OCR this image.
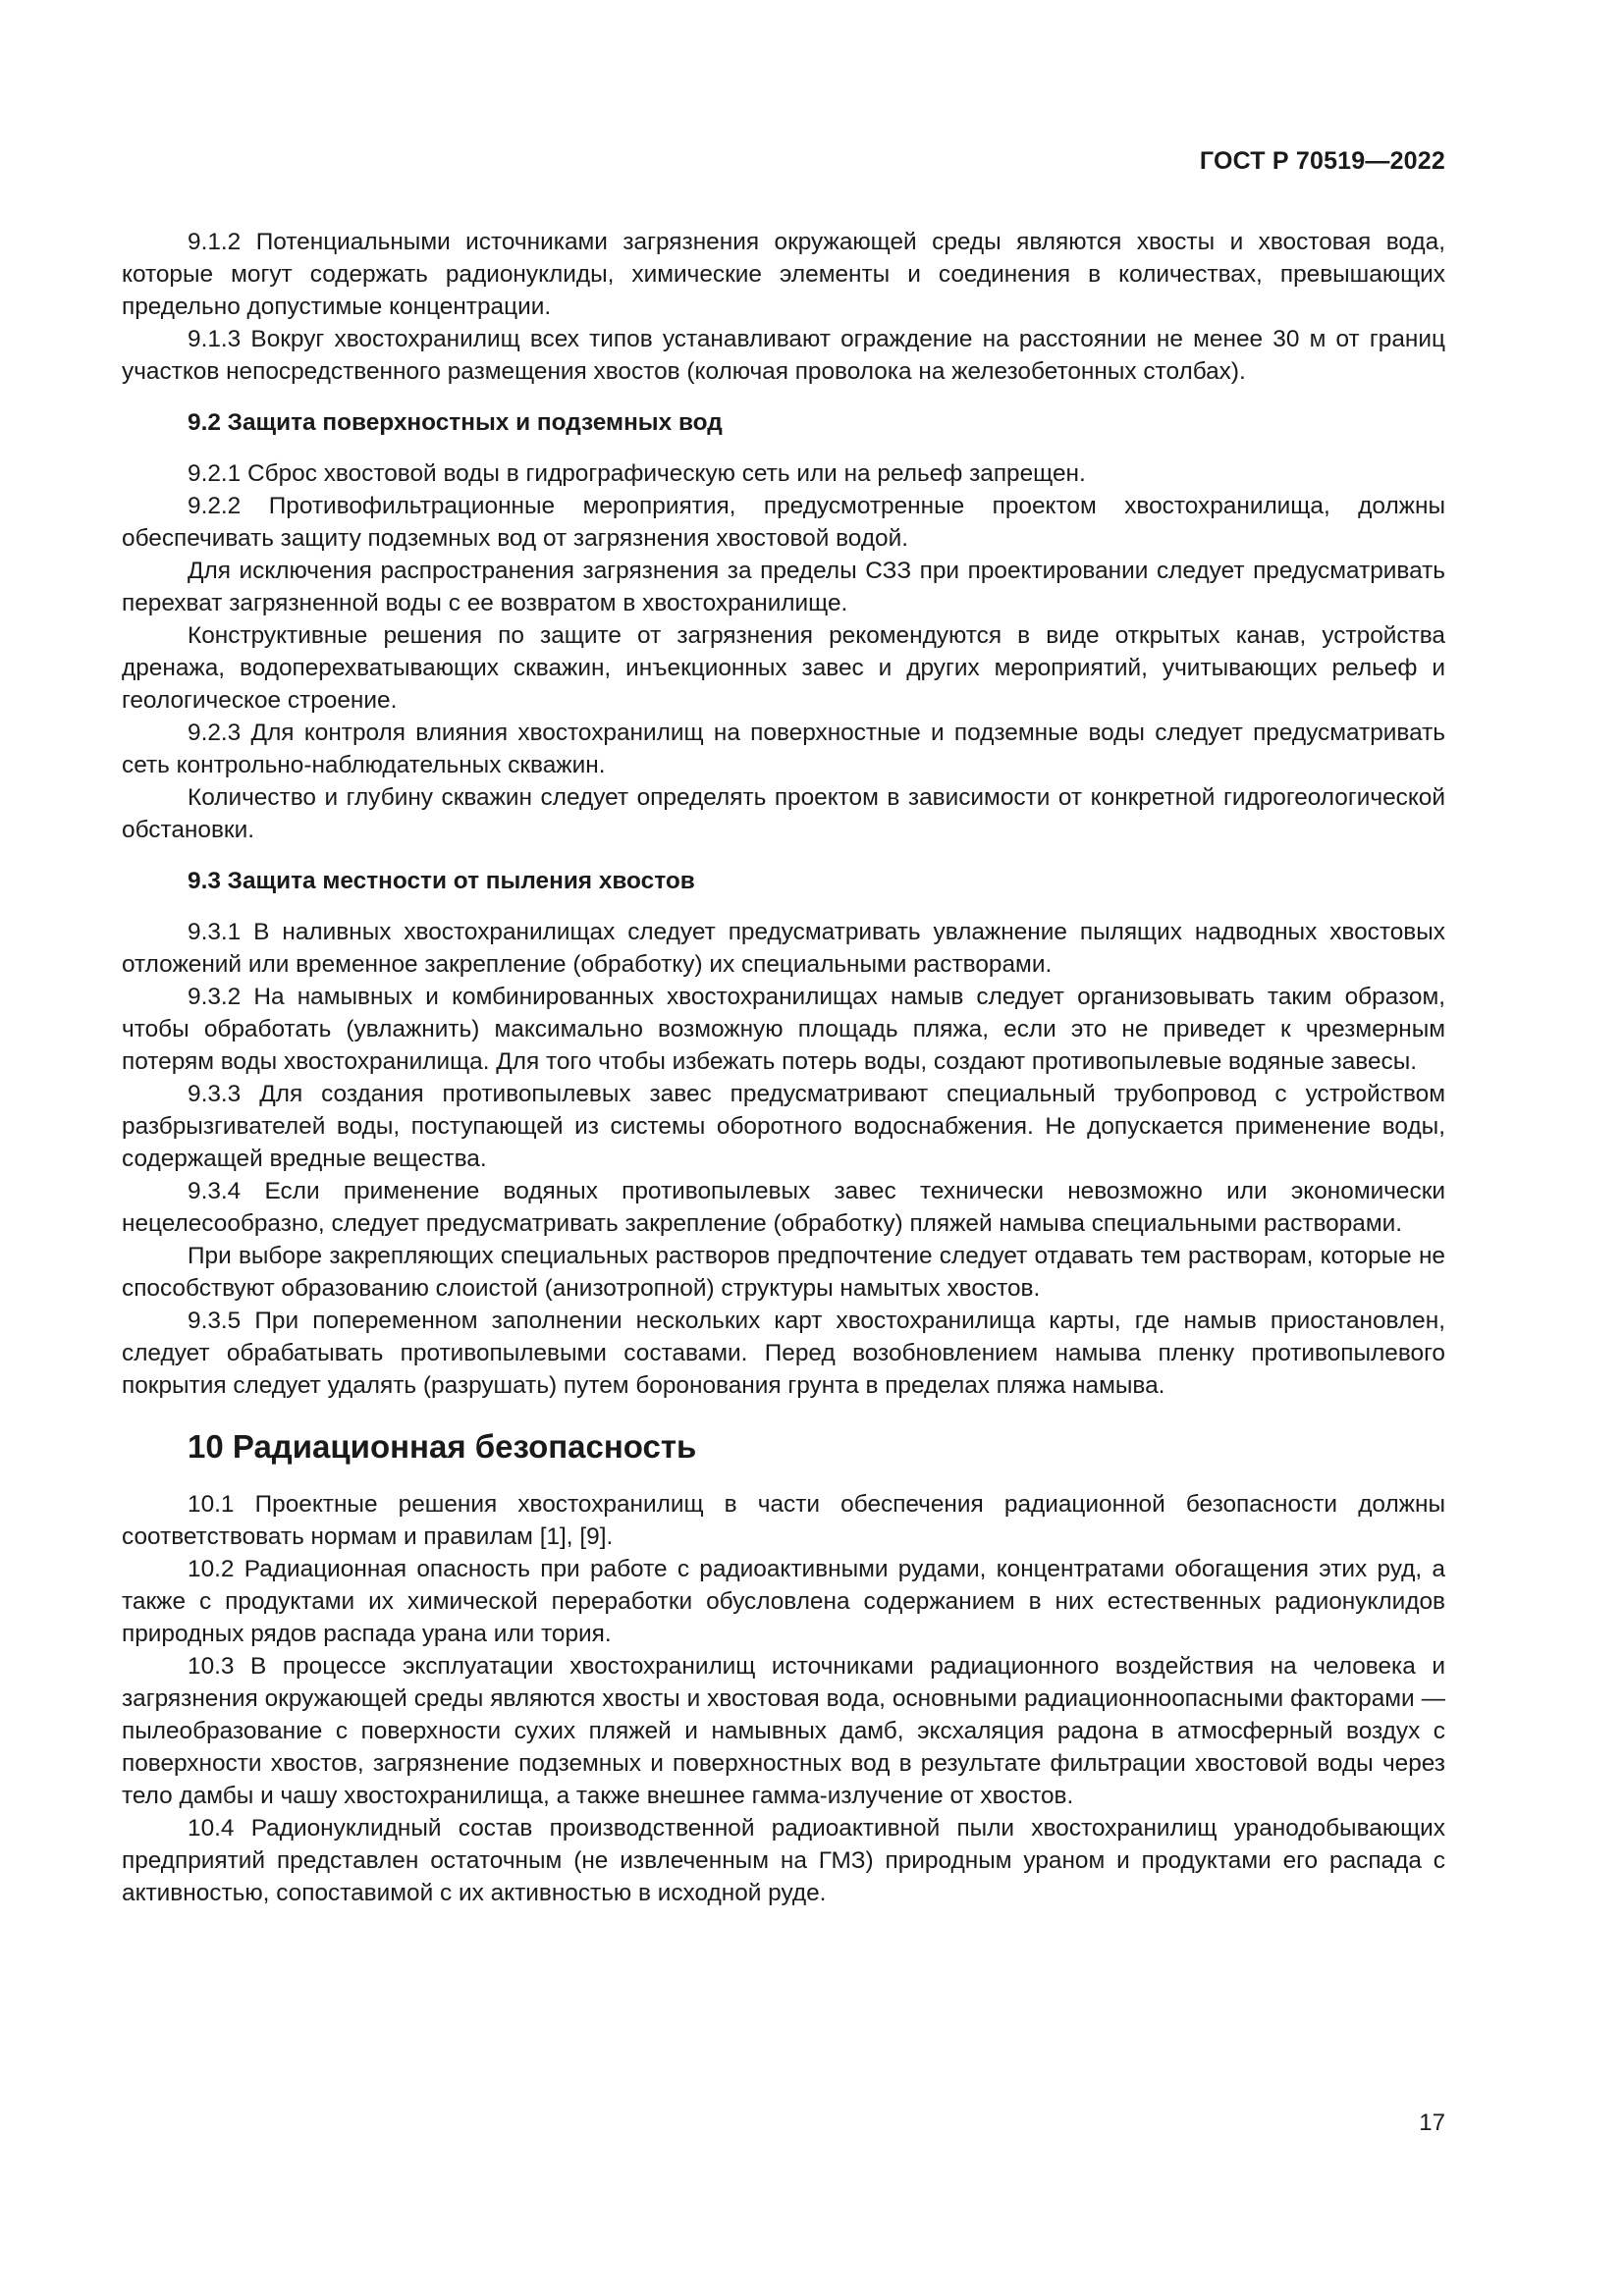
ГОСТ Р 70519—2022

9.1.2 Потенциальными источниками загрязнения окружающей среды являются хвосты и хвостовая вода, которые могут содержать радионуклиды, химические элементы и соединения в количествах, превышающих предельно допустимые концентрации.

9.1.3 Вокруг хвостохранилищ всех типов устанавливают ограждение на расстоянии не менее 30 м от границ участков непосредственного размещения хвостов (колючая проволока на железобетонных столбах).

9.2 Защита поверхностных и подземных вод

9.2.1 Сброс хвостовой воды в гидрографическую сеть или на рельеф запрещен.

9.2.2 Противофильтрационные мероприятия, предусмотренные проектом хвостохранилища, должны обеспечивать защиту подземных вод от загрязнения хвостовой водой.

Для исключения распространения загрязнения за пределы СЗЗ при проектировании следует предусматривать перехват загрязненной воды с ее возвратом в хвостохранилище.

Конструктивные решения по защите от загрязнения рекомендуются в виде открытых канав, устройства дренажа, водоперехватывающих скважин, инъекционных завес и других мероприятий, учитывающих рельеф и геологическое строение.

9.2.3 Для контроля влияния хвостохранилищ на поверхностные и подземные воды следует предусматривать сеть контрольно-наблюдательных скважин.

Количество и глубину скважин следует определять проектом в зависимости от конкретной гидрогеологической обстановки.

9.3 Защита местности от пыления хвостов

9.3.1 В наливных хвостохранилищах следует предусматривать увлажнение пылящих надводных хвостовых отложений или временное закрепление (обработку) их специальными растворами.

9.3.2 На намывных и комбинированных хвостохранилищах намыв следует организовывать таким образом, чтобы обработать (увлажнить) максимально возможную площадь пляжа, если это не приведет к чрезмерным потерям воды хвостохранилища. Для того чтобы избежать потерь воды, создают противопылевые водяные завесы.

9.3.3 Для создания противопылевых завес предусматривают специальный трубопровод с устройством разбрызгивателей воды, поступающей из системы оборотного водоснабжения. Не допускается применение воды, содержащей вредные вещества.

9.3.4 Если применение водяных противопылевых завес технически невозможно или экономически нецелесообразно, следует предусматривать закрепление (обработку) пляжей намыва специальными растворами.

При выборе закрепляющих специальных растворов предпочтение следует отдавать тем растворам, которые не способствуют образованию слоистой (анизотропной) структуры намытых хвостов.

9.3.5 При попеременном заполнении нескольких карт хвостохранилища карты, где намыв приостановлен, следует обрабатывать противопылевыми составами. Перед возобновлением намыва пленку противопылевого покрытия следует удалять (разрушать) путем боронования грунта в пределах пляжа намыва.

10 Радиационная безопасность

10.1 Проектные решения хвостохранилищ в части обеспечения радиационной безопасности должны соответствовать нормам и правилам [1], [9].

10.2 Радиационная опасность при работе с радиоактивными рудами, концентратами обогащения этих руд, а также с продуктами их химической переработки обусловлена содержанием в них естественных радионуклидов природных рядов распада урана или тория.

10.3 В процессе эксплуатации хвостохранилищ источниками радиационного воздействия на человека и загрязнения окружающей среды являются хвосты и хвостовая вода, основными радиационноопасными факторами — пылеобразование с поверхности сухих пляжей и намывных дамб, эксхаляция радона в атмосферный воздух с поверхности хвостов, загрязнение подземных и поверхностных вод в результате фильтрации хвостовой воды через тело дамбы и чашу хвостохранилища, а также внешнее гамма-излучение от хвостов.

10.4 Радионуклидный состав производственной радиоактивной пыли хвостохранилищ уранодобывающих предприятий представлен остаточным (не извлеченным на ГМЗ) природным ураном и продуктами его распада с активностью, сопоставимой с их активностью в исходной руде.

17
